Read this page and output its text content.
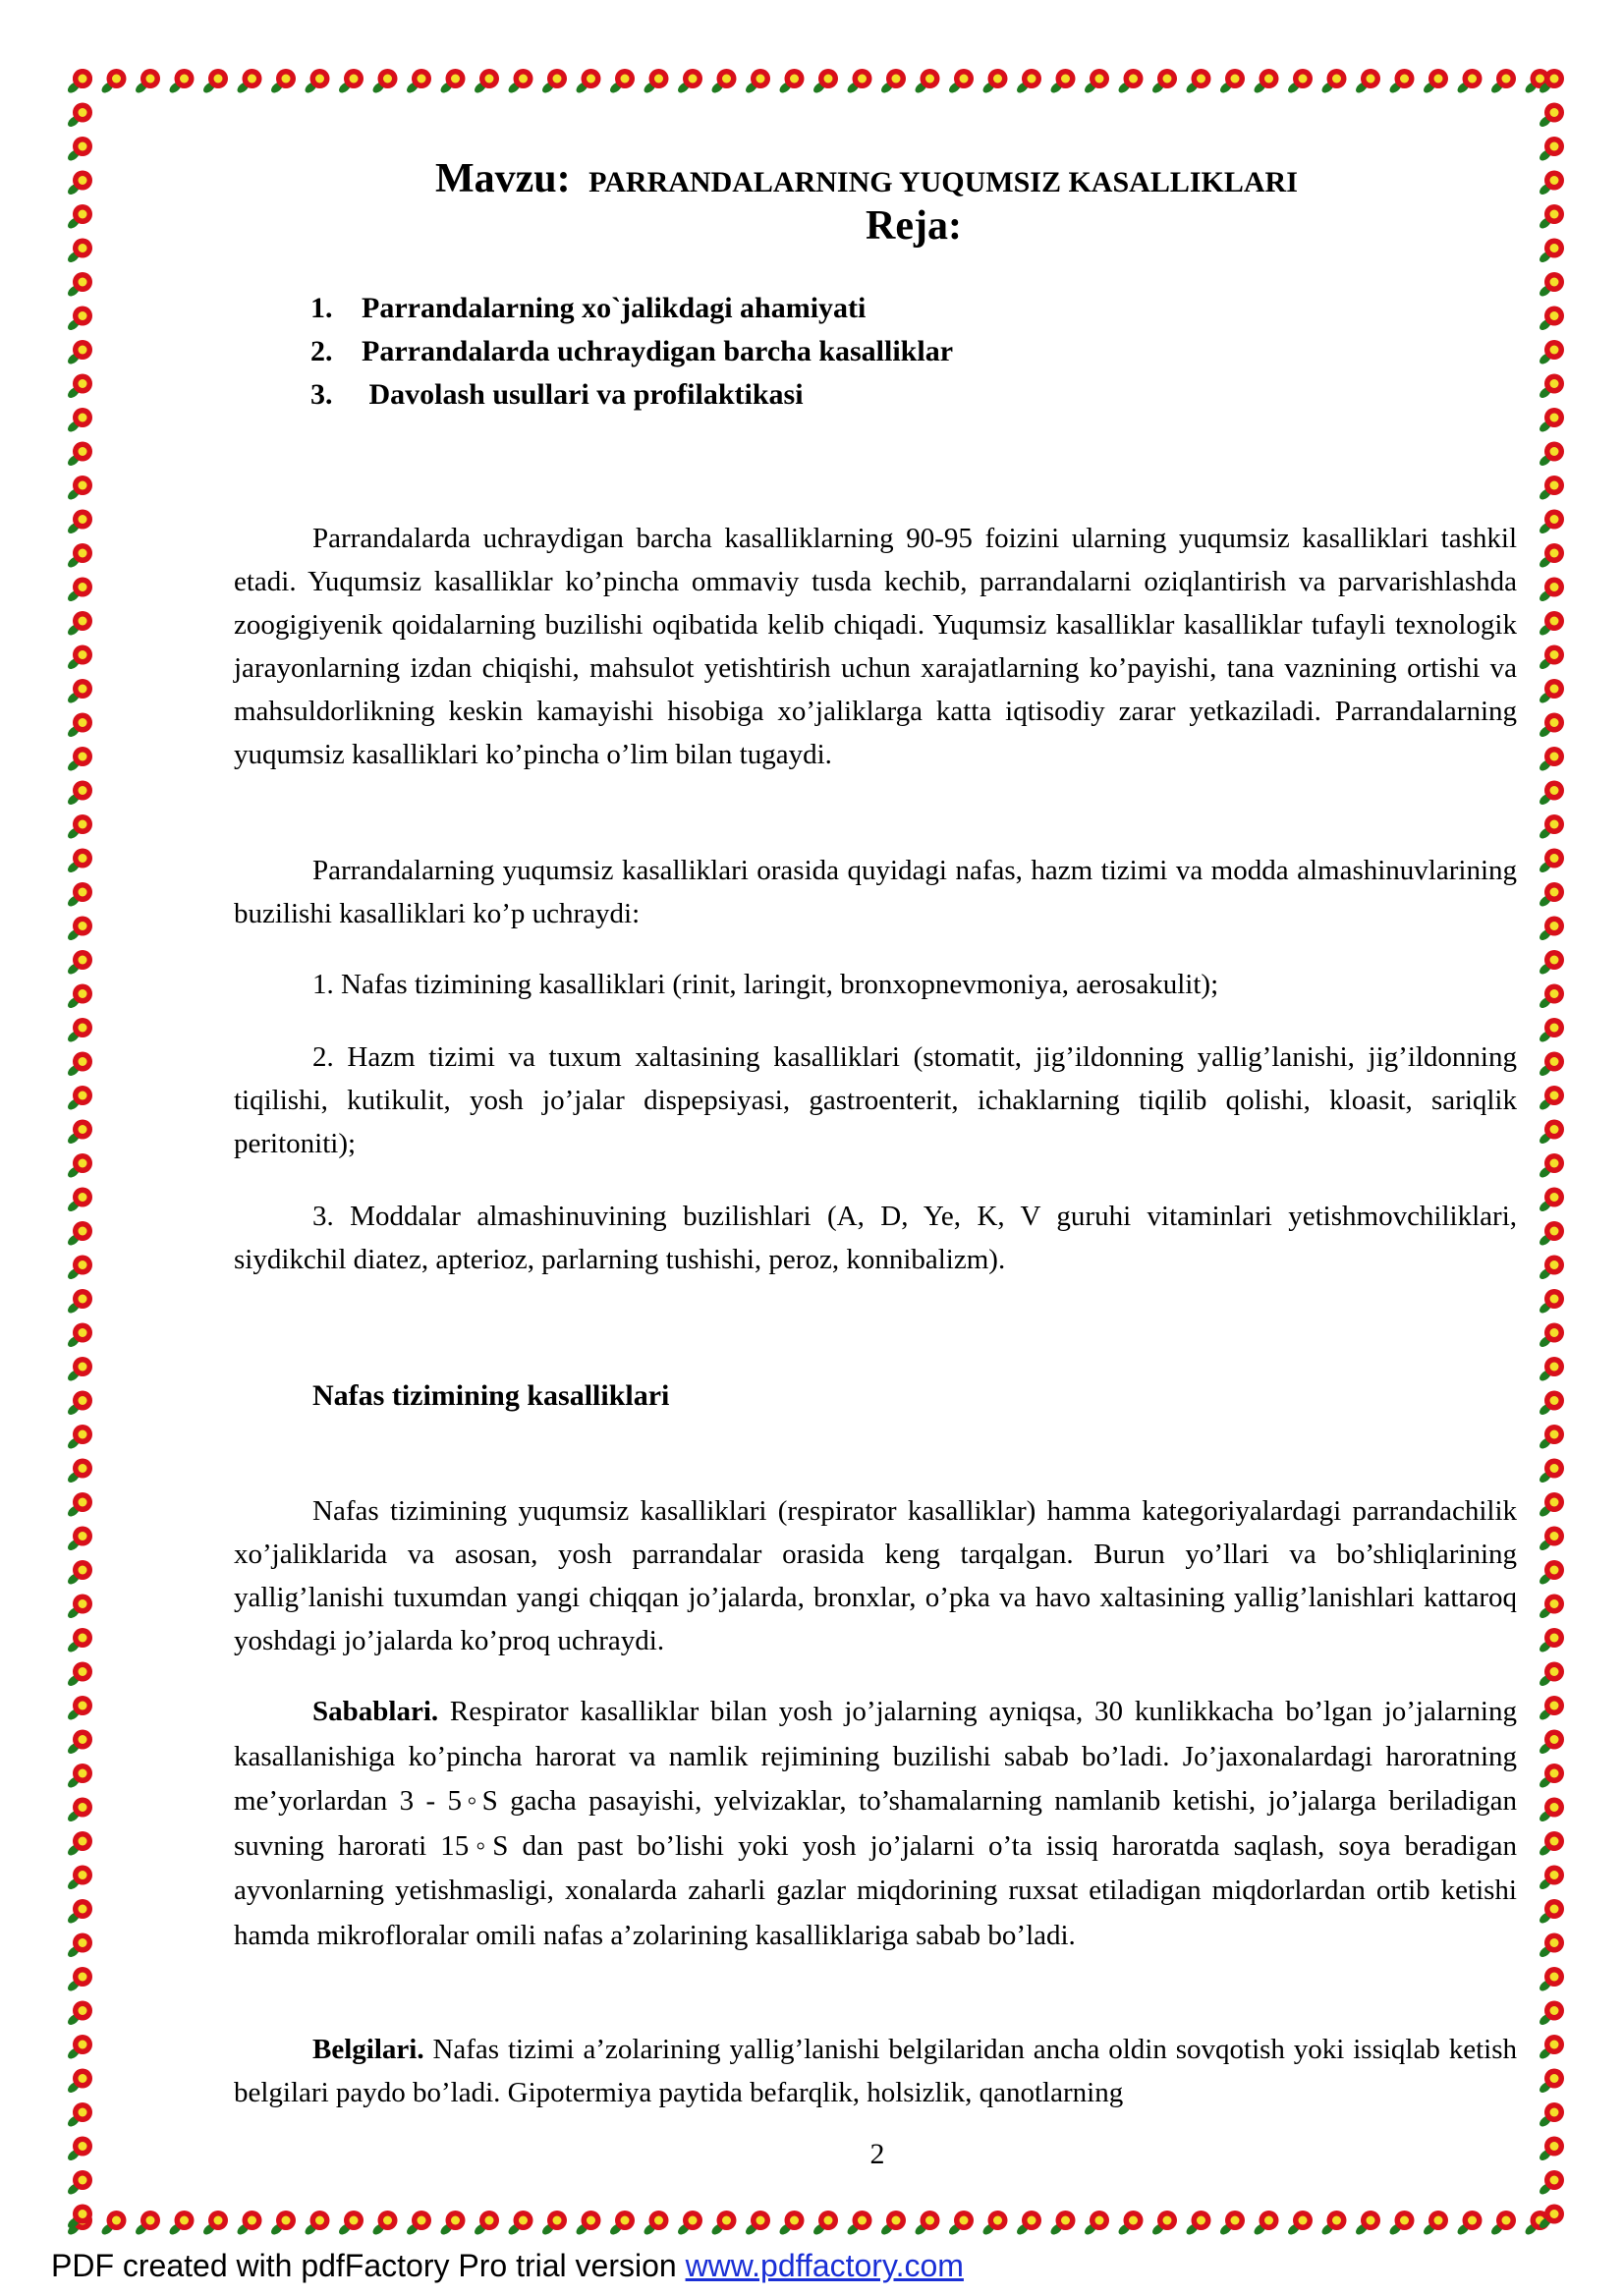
Mavzu: PARRANDALARNING YUQUMSIZ KASALLIKLARI
Reja:
1. Parrandalarning xo`jalikdagi ahamiyati
2. Parrandalarda uchraydigan barcha kasalliklar
3. Davolash usullari va profilaktikasi

Parrandalarda uchraydigan barcha kasalliklarning 90-95 foizini ularning yuqumsiz kasalliklari tashkil etadi. Yuqumsiz kasalliklar ko’pincha ommaviy tusda kechib, parrandalarni oziqlantirish va parvarishlashda zoogigiyenik qoidalarning buzilishi oqibatida kelib chiqadi. Yuqumsiz kasalliklar kasalliklar tufayli texnologik jarayonlarning izdan chiqishi, mahsulot yetishtirish uchun xarajatlarning ko’payishi, tana vaznining ortishi va mahsuldorlikning keskin kamayishi hisobiga xo’jaliklarga katta iqtisodiy zarar yetkaziladi. Parrandalarning yuqumsiz kasalliklari ko’pincha o’lim bilan tugaydi.

Parrandalarning yuqumsiz kasalliklari orasida quyidagi nafas, hazm tizimi va modda almashinuvlarining buzilishi kasalliklari ko’p uchraydi:

1. Nafas tizimining kasalliklari (rinit, laringit, bronxopnevmoniya, aerosakulit);

2. Hazm tizimi va tuxum xaltasining kasalliklari (stomatit, jig’ildonning yallig’lanishi, jig’ildonning tiqilishi, kutikulit, yosh jo’jalar dispepsiyasi, gastroenterit, ichaklarning tiqilib qolishi, kloasit, sariqlik peritoniti);

3. Moddalar almashinuvining buzilishlari (A, D, Ye, K, V guruhi vitaminlari yetishmovchiliklari, siydikchil diatez, apterioz, parlarning tushishi, peroz, konnibalizm).

Nafas tizimining kasalliklari

Nafas tizimining yuqumsiz kasalliklari (respirator kasalliklar) hamma kategoriyalardagi parrandachilik xo’jaliklarida va asosan, yosh parrandalar orasida keng tarqalgan. Burun yo’llari va bo’shliqlarining yallig’lanishi tuxumdan yangi chiqqan jo’jalarda, bronxlar, o’pka va havo xaltasining yallig’lanishlari kattaroq yoshdagi jo’jalarda ko’proq uchraydi.

Sabablari. Respirator kasalliklar bilan yosh jo’jalarning ayniqsa, 30 kunlikkacha bo’lgan jo’jalarning kasallanishiga ko’pincha harorat va namlik rejimining buzilishi sabab bo’ladi. Jo’jaxonalardagi haroratning me’yorlardan 3 - 5◦S gacha pasayishi, yelvizaklar, to’shamalarning namlanib ketishi, jo’jalarga beriladigan suvning harorati 15◦S dan past bo’lishi yoki yosh jo’jalarni o’ta issiq haroratda saqlash, soya beradigan ayvonlarning yetishmasligi, xonalarda zaharli gazlar miqdorining ruxsat etiladigan miqdorlardan ortib ketishi hamda mikrofloralar omili nafas a’zolarining kasalliklariga sabab bo’ladi.

Belgilari. Nafas tizimi a’zolarining yallig’lanishi belgilaridan ancha oldin sovqotish yoki issiqlab ketish belgilari paydo bo’ladi. Gipotermiya paytida befarqlik, holsizlik, qanotlarning

2
PDF created with pdfFactory Pro trial version www.pdffactory.com
